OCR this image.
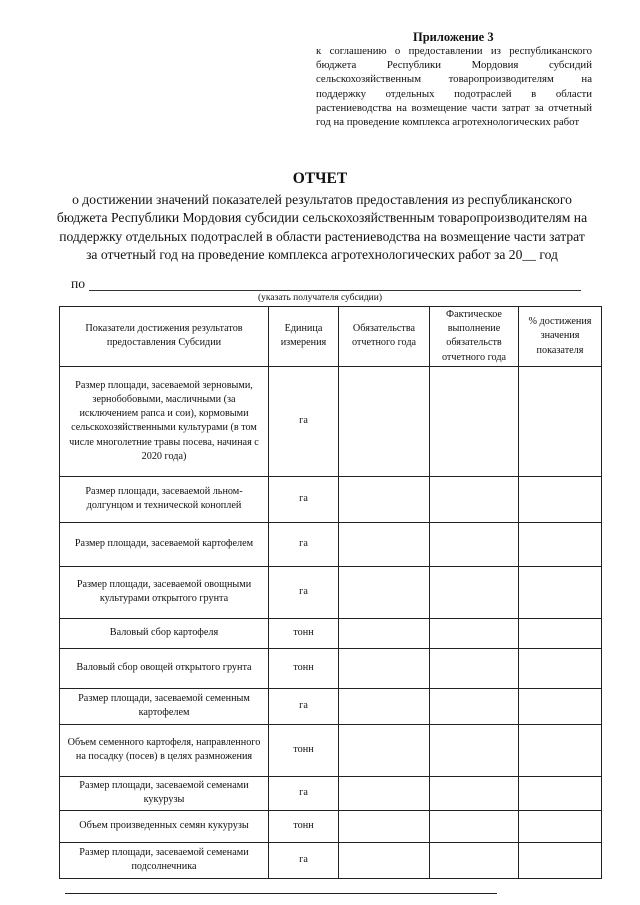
Приложение 3
к соглашению о предоставлении из республиканского бюджета Республики Мордовия субсидий сельскохозяйственным товаропроизводителям на поддержку отдельных подотраслей в области растениеводства на возмещение части затрат за отчетный год на проведение комплекса агротехнологических работ
ОТЧЕТ
о достижении значений показателей результатов предоставления из республиканского бюджета Республики Мордовия субсидии сельскохозяйственным товаропроизводителям на поддержку отдельных подотраслей в области растениеводства на возмещение части затрат за отчетный год на проведение комплекса агротехнологических работ за 20__ год
по
(указать получателя субсидии)
Показатели достижения результатов предоставления Субсидии	Единица измерения	Обязательства отчетного года	Фактическое выполнение обязательств отчетного года	% достижения значения показателя
Размер площади, засеваемой зерновыми, зернобобовыми, масличными (за исключением рапса и сои), кормовыми сельскохозяйственными культурами (в том числе многолетние травы посева, начиная с 2020 года)	га			
Размер площади, засеваемой льном-долгунцом и технической коноплей	га			
Размер площади, засеваемой картофелем	га			
Размер площади, засеваемой овощными культурами открытого грунта	га			
Валовый сбор картофеля	тонн			
Валовый сбор овощей открытого грунта	тонн			
Размер площади, засеваемой семенным картофелем	га			
Объем семенного картофеля, направленного на посадку (посев) в целях размножения	тонн			
Размер площади, засеваемой семенами кукурузы	га			
Объем произведенных семян кукурузы	тонн			
Размер площади, засеваемой семенами подсолнечника	га			
